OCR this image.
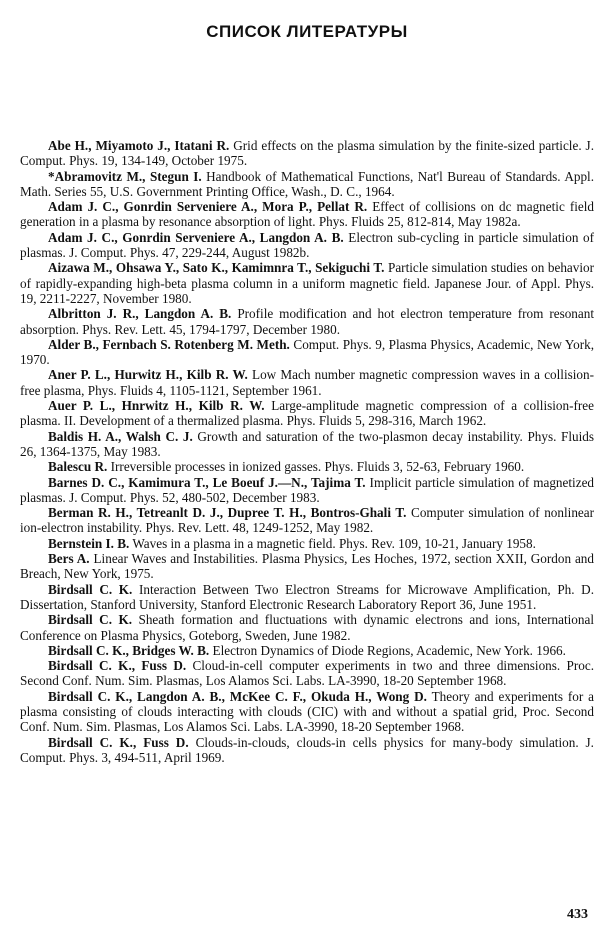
СПИСОК ЛИТЕРАТУРЫ

Abe H., Miyamoto J., Itatani R. Grid effects on the plasma simulation by the finite-sized particle. J. Comput. Phys. 19, 134-149, October 1975.

*Abramovitz M., Stegun I. Handbook of Mathematical Functions, Nat'l Bureau of Standards. Appl. Math. Series 55, U.S. Government Printing Office, Wash., D. C., 1964.

Adam J. C., Gonrdin Serveniere A., Mora P., Pellat R. Effect of collisions on dc magnetic field generation in a plasma by resonance absorption of light. Phys. Fluids 25, 812-814, May 1982a.

Adam J. C., Gonrdin Serveniere A., Langdon A. B. Electron sub-cycling in particle simulation of plasmas. J. Comput. Phys. 47, 229-244, August 1982b.

Aizawa M., Ohsawa Y., Sato K., Kamimnra T., Sekiguchi T. Particle simulation studies on behavior of rapidly-expanding high-beta plasma column in a uniform magnetic field. Japanese Jour. of Appl. Phys. 19, 2211-2227, November 1980.

Albritton J. R., Langdon A. B. Profile modification and hot electron temperature from resonant absorption. Phys. Rev. Lett. 45, 1794-1797, December 1980.

Alder B., Fernbach S. Rotenberg M. Meth. Comput. Phys. 9, Plasma Physics, Academic, New York, 1970.

Aner P. L., Hurwitz H., Kilb R. W. Low Mach number magnetic compression waves in a collision-free plasma, Phys. Fluids 4, 1105-1121, September 1961.

Auer P. L., Hnrwitz H., Kilb R. W. Large-amplitude magnetic compression of a collision-free plasma. II. Development of a thermalized plasma. Phys. Fluids 5, 298-316, March 1962.

Baldis H. A., Walsh C. J. Growth and saturation of the two-plasmon decay instability. Phys. Fluids 26, 1364-1375, May 1983.

Balescu R. Irreversible processes in ionized gasses. Phys. Fluids 3, 52-63, February 1960.

Barnes D. C., Kamimura T., Le Boeuf J.—N., Tajima T. Implicit particle simulation of magnetized plasmas. J. Comput. Phys. 52, 480-502, December 1983.

Berman R. H., Tetreanlt D. J., Dupree T. H., Bontros-Ghali T. Computer simulation of nonlinear ion-electron instability. Phys. Rev. Lett. 48, 1249-1252, May 1982.

Bernstein I. B. Waves in a plasma in a magnetic field. Phys. Rev. 109, 10-21, January 1958.

Bers A. Linear Waves and Instabilities. Plasma Physics, Les Hoches, 1972, section XXII, Gordon and Breach, New York, 1975.

Birdsall C. K. Interaction Between Two Electron Streams for Microwave Amplification, Ph. D. Dissertation, Stanford University, Stanford Electronic Research Laboratory Report 36, June 1951.

Birdsall C. K. Sheath formation and fluctuations with dynamic electrons and ions, International Conference on Plasma Physics, Goteborg, Sweden, June 1982.

Birdsall C. K., Bridges W. B. Electron Dynamics of Diode Regions, Academic, New York. 1966.

Birdsall C. K., Fuss D. Cloud-in-cell computer experiments in two and three dimensions. Proc. Second Conf. Num. Sim. Plasmas, Los Alamos Sci. Labs. LA-3990, 18-20 September 1968.

Birdsall C. K., Langdon A. B., McKee C. F., Okuda H., Wong D. Theory and experiments for a plasma consisting of clouds interacting with clouds (CIC) with and without a spatial grid, Proc. Second Conf. Num. Sim. Plasmas, Los Alamos Sci. Labs. LA-3990, 18-20 September 1968.

Birdsall C. K., Fuss D. Clouds-in-clouds, clouds-in cells physics for many-body simulation. J. Comput. Phys. 3, 494-511, April 1969.

433
